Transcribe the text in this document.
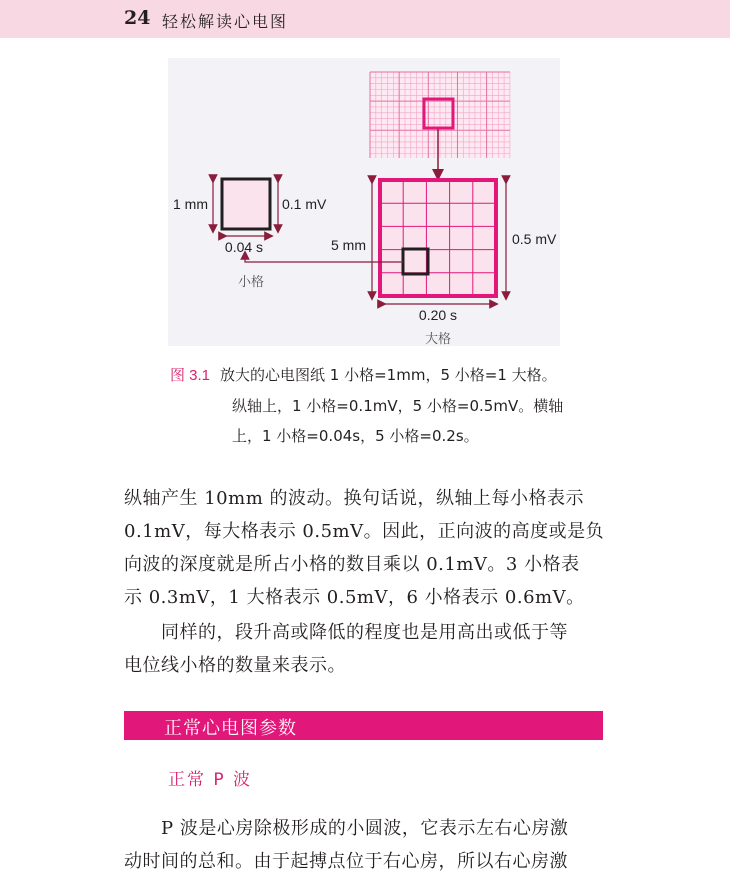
24 轻松解读心电图
5 mm	0.5 mV
0.20 s
大格
1 mm	0.1 mV
0.04 s
小格
图 3.1 放大的心电图纸 1 小格=1mm，5 小格=1 大格。
纵轴上，1 小格=0.1mV，5 小格=0.5mV。横轴
上，1 小格=0.04s，5 小格=0.2s。
纵轴产生 10mm 的波动。换句话说，纵轴上每小格表示
0.1mV，每大格表示 0.5mV。因此，正向波的高度或是负
向波的深度就是所占小格的数目乘以 0.1mV。3 小格表
示 0.3mV，1 大格表示 0.5mV，6 小格表示 0.6mV。
　　同样的，段升高或降低的程度也是用高出或低于等
电位线小格的数量来表示。
正常心电图参数
正常 P 波
　　P 波是心房除极形成的小圆波，它表示左右心房激
动时间的总和。由于起搏点位于右心房，所以右心房激
